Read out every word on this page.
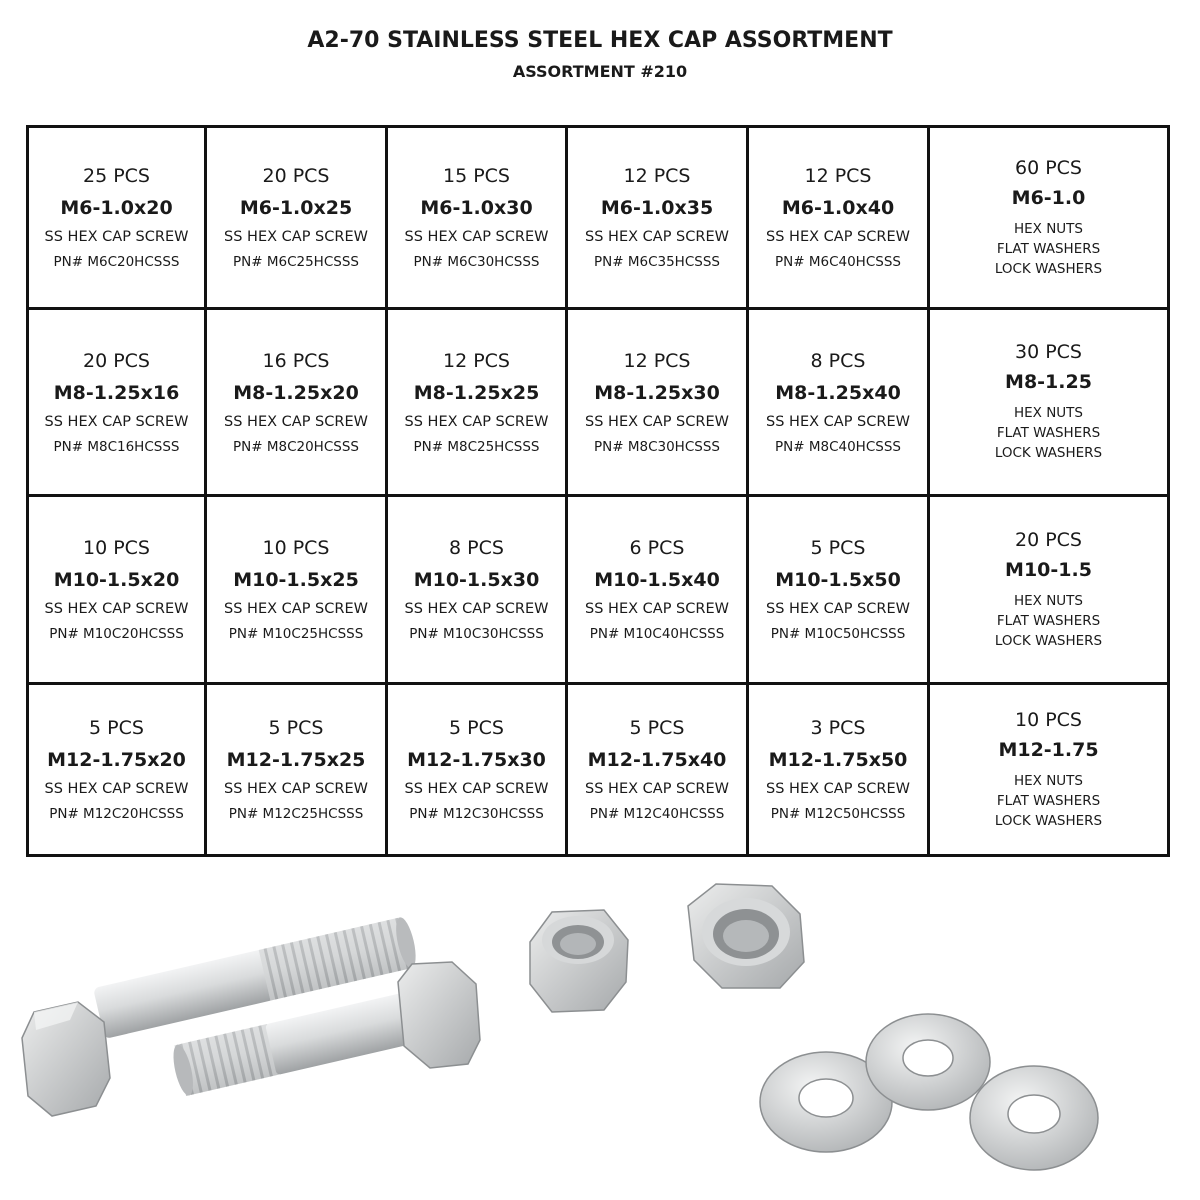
A2-70 STAINLESS STEEL HEX CAP ASSORTMENT
ASSORTMENT #210
25 PCS
M6-1.0x20
SS HEX CAP SCREW
PN# M6C20HCSSS
20 PCS
M6-1.0x25
SS HEX CAP SCREW
PN# M6C25HCSSS
15 PCS
M6-1.0x30
SS HEX CAP SCREW
PN# M6C30HCSSS
12 PCS
M6-1.0x35
SS HEX CAP SCREW
PN# M6C35HCSSS
12 PCS
M6-1.0x40
SS HEX CAP SCREW
PN# M6C40HCSSS
60 PCS
M6-1.0
HEX NUTS
FLAT WASHERS
LOCK WASHERS
20 PCS
M8-1.25x16
SS HEX CAP SCREW
PN# M8C16HCSSS
16 PCS
M8-1.25x20
SS HEX CAP SCREW
PN# M8C20HCSSS
12 PCS
M8-1.25x25
SS HEX CAP SCREW
PN# M8C25HCSSS
12 PCS
M8-1.25x30
SS HEX CAP SCREW
PN# M8C30HCSSS
8 PCS
M8-1.25x40
SS HEX CAP SCREW
PN# M8C40HCSSS
30 PCS
M8-1.25
HEX NUTS
FLAT WASHERS
LOCK WASHERS
10 PCS
M10-1.5x20
SS HEX CAP SCREW
PN# M10C20HCSSS
10 PCS
M10-1.5x25
SS HEX CAP SCREW
PN# M10C25HCSSS
8 PCS
M10-1.5x30
SS HEX CAP SCREW
PN# M10C30HCSSS
6 PCS
M10-1.5x40
SS HEX CAP SCREW
PN# M10C40HCSSS
5 PCS
M10-1.5x50
SS HEX CAP SCREW
PN# M10C50HCSSS
20 PCS
M10-1.5
HEX NUTS
FLAT WASHERS
LOCK WASHERS
5 PCS
M12-1.75x20
SS HEX CAP SCREW
PN# M12C20HCSSS
5 PCS
M12-1.75x25
SS HEX CAP SCREW
PN# M12C25HCSSS
5 PCS
M12-1.75x30
SS HEX CAP SCREW
PN# M12C30HCSSS
5 PCS
M12-1.75x40
SS HEX CAP SCREW
PN# M12C40HCSSS
3 PCS
M12-1.75x50
SS HEX CAP SCREW
PN# M12C50HCSSS
10 PCS
M12-1.75
HEX NUTS
FLAT WASHERS
LOCK WASHERS
